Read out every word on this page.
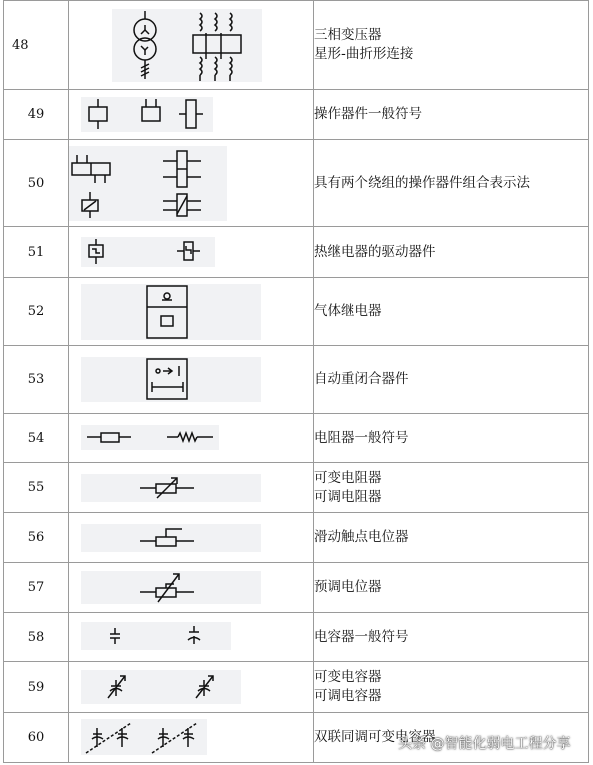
48		三相变压器
星形-曲折形连接

49		操作器件一般符号

50		具有两个绕组的操作器件组合表示法

51		热继电器的驱动器件

52		气体继电器

53		自动重闭合器件

54		电阻器一般符号

55		可变电阻器
可调电阻器

56		滑动触点电位器

57		预调电位器

58		电容器一般符号

59		可变电容器
可调电容器

60		双联同调可变电容器
头条 @智能化弱电工程分享
